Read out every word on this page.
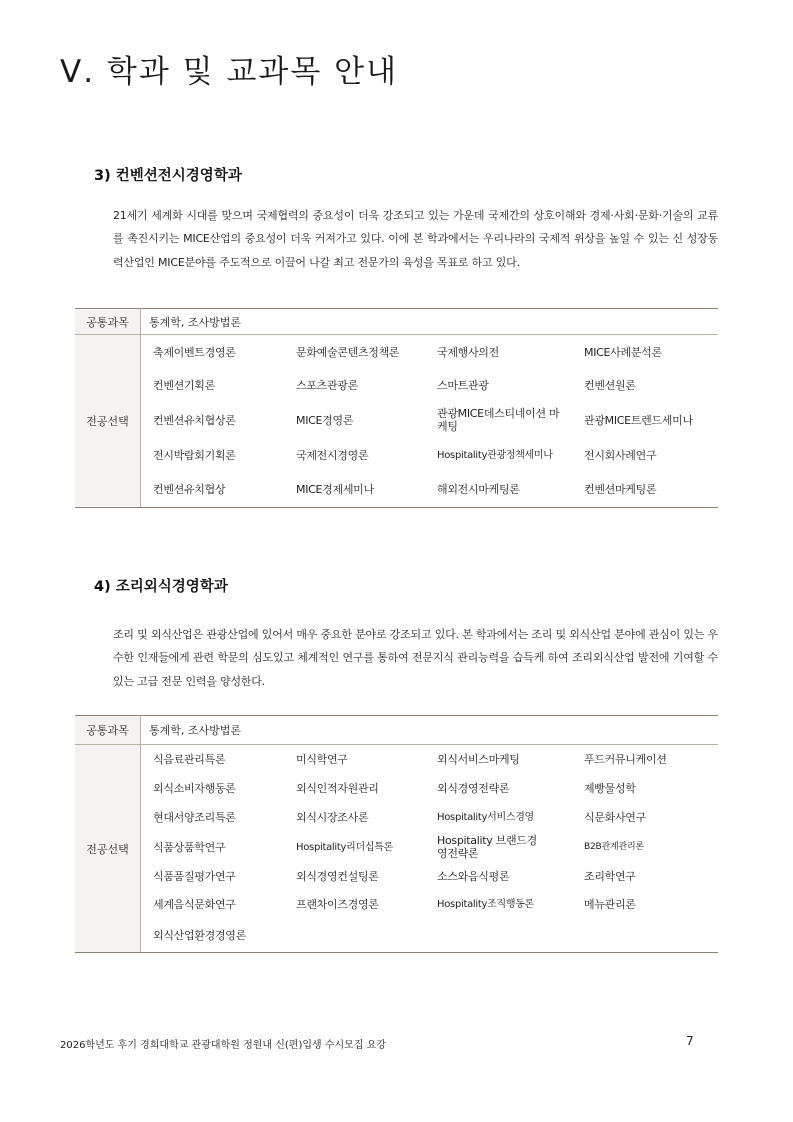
Ⅴ. 학과 및 교과목 안내
3) 컨벤션전시경영학과

21세기 세계화 시대를 맞으며 국제협력의 중요성이 더욱 강조되고 있는 가운데 국제간의 상호이해와 경제·사회·문화·기술의 교류를 촉진시키는 MICE산업의 중요성이 더욱 커져가고 있다. 이에 본 학과에서는 우리나라의 국제적 위상을 높일 수 있는 신 성장동력산업인 MICE분야를 주도적으로 이끌어 나갈 최고 전문가의 육성을 목표로 하고 있다.

공통과목	통계학, 조사방법론			
전공선택	축제이벤트경영론	문화예술콘텐츠정책론	국제행사의전	MICE사례분석론
	컨벤션기획론	스포츠관광론	스마트관광	컨벤션원론
	컨벤션유치협상론	MICE경영론	관광MICE데스티네이션 마케팅	관광MICE트렌드세미나
	전시박람회기획론	국제전시경영론	Hospitality관광정책세미나	전시회사례연구
	컨벤션유치협상	MICE경제세미나	해외전시마케팅론	컨벤션마케팅론
4) 조리외식경영학과

조리 및 외식산업은 관광산업에 있어서 매우 중요한 분야로 강조되고 있다. 본 학과에서는 조리 및 외식산업 분야에 관심이 있는 우수한 인재들에게 관련 학문의 심도있고 체계적인 연구를 통하여 전문지식 관리능력을 습득케 하여 조리외식산업 발전에 기여할 수 있는 고급 전문 인력을 양성한다.

공통과목	통계학, 조사방법론			
전공선택	식음료관리특론	미식학연구	외식서비스마케팅	푸드커뮤니케이션
	외식소비자행동론	외식인적자원관리	외식경영전략론	제빵물성학
	현대서양조리특론	외식시장조사론	Hospitality서비스경영	식문화사연구
	식품상품학연구	Hospitality리더십특론	Hospitality 브랜드경영전략론	B2B관계관리론
	식품품질평가연구	외식경영컨설팅론	소스와음식평론	조리학연구
	세계음식문화연구	프랜차이즈경영론	Hospitality조직행동론	메뉴관리론
	외식산업환경경영론			
2026학년도 후기 경희대학교 관광대학원 정원내 신(편)입생 수시모집 요강	7
